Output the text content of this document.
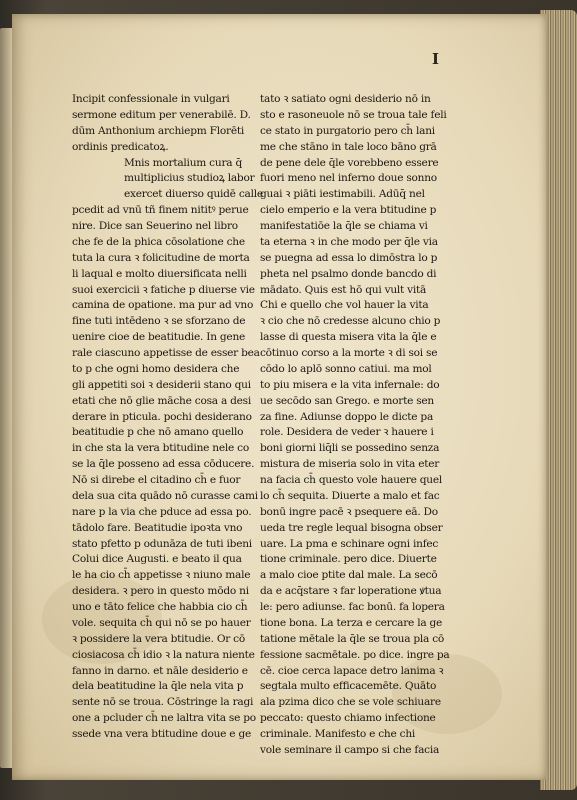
I
Incipit confessionale in vulgari
sermone editum per venerabilē. D.
dūm Anthonium archiepm Florēti
ordinis predicatoꝝ.
Mnis mortalium cura q̄
multiplicius studioꝝ labor
exercet diuerso quidē calle
pcedit ad vnū tñ finem nititꝰ perue
nire. Dice san Seuerino nel libro
che fe de la phica cōsolatione che
tuta la cura ꝛ folicitudine de morta
li laqual e molto diuersificata nelli
suoi exercicii ꝛ fatiche p diuerse vie
camina de opatione. ma pur ad vno
fine tuti intēdeno ꝛ se sforzano de
uenire cioe de beatitudie. In gene
rale ciascuno appetisse de esser bea
to p che ogni homo desidera che
gli appetiti soi ꝛ desiderii stano qui
etati che nō glie māche cosa a desi
derare in pticula. pochi desiderano
beatitudie p che nō amano quello
in che sta la vera btitudine nele co
se la q̄le posseno ad essa cōducere.
Nō si direbe el citadino ch̄ e fuor
dela sua cita quādo nō curasse cami
nare p la via che pduce ad essa po.
tādolo fare. Beatitudie ipoꝛta vno
stato pfetto p odunāza de tuti ibeni
Colui dice Augusti. e beato il qua
le ha cio ch̄ appetisse ꝛ niuno male
desidera. ꝛ pero in questo mōdo ni
uno e tāto felice che habbia cio ch̄
vole. sequita ch̄ qui nō se po hauer
ꝛ possidere la vera btitudie. Or cō
ciosiacosa ch̄ idio ꝛ la natura niente
fanno in darno. et nāle desiderio e
dela beatitudine la q̄le nela vita p
sente nō se troua. Cōstringe la ragi
one a pcluder ch̄ ne laltra vita se po
ssede vna vera btitudine doue e ge
tato ꝛ satiato ogni desiderio nō in
sto e rasoneuole nō se troua tale feli
ce stato in purgatorio pero ch̄ lani
me che stāno in tale loco bāno grā
de pene dele q̄le vorebbeno essere
fuori meno nel inferno doue sonno
guai ꝛ piāti iestimabili. Adūq̄ nel
cielo emperio e la vera btitudine p
manifestatiōe la q̄le se chiama vi
ta eterna ꝛ in che modo per q̄le via
se puegna ad essa lo dimōstra lo p
pheta nel psalmo donde bancdo di
mādato. Quis est hō qui vult vitā
Chi e quello che vol hauer la vita
ꝛ cio che nō credesse alcuno chio p
lasse di questa misera vita la q̄le e
cōtinuo corso a la morte ꝛ di soi se
cōdo lo aplō sonno catiui. ma mol
to piu misera e la vita infernale: do
ue secōdo san Grego. e morte sen
za fine. Adiunse doppo le dicte pa
role. Desidera de veder ꝛ hauere i
boni giorni liq̄li se possedino senza
mistura de miseria solo in vita eter
na facia ch̄ questo vole hauere quel
lo ch̄ sequita. Diuerte a malo et fac
bonū ingre pacē ꝛ psequere eā. Do
ueda tre regle lequal bisogna obser
uare. La pma e schinare ogni infec
tione criminale. pero dice. Diuerte
a malo cioe ptite dal male. La secō
da e acq̄stare ꝛ far loperatione ꝟtua
le: pero adiunse. fac bonū. fa lopera
tione bona. La terza e cercare la ge
tatione mētale la q̄le se troua pla cō
fessione sacmētale. po dice. ingre pa
cē. cioe cerca lapace detro lanima ꝛ
segtala multo efficacemēte. Quāto
ala pzima dico che se vole schiuare
peccato: questo chiamo infectione
criminale. Manifesto e che chi
vole seminare il campo si che facia
